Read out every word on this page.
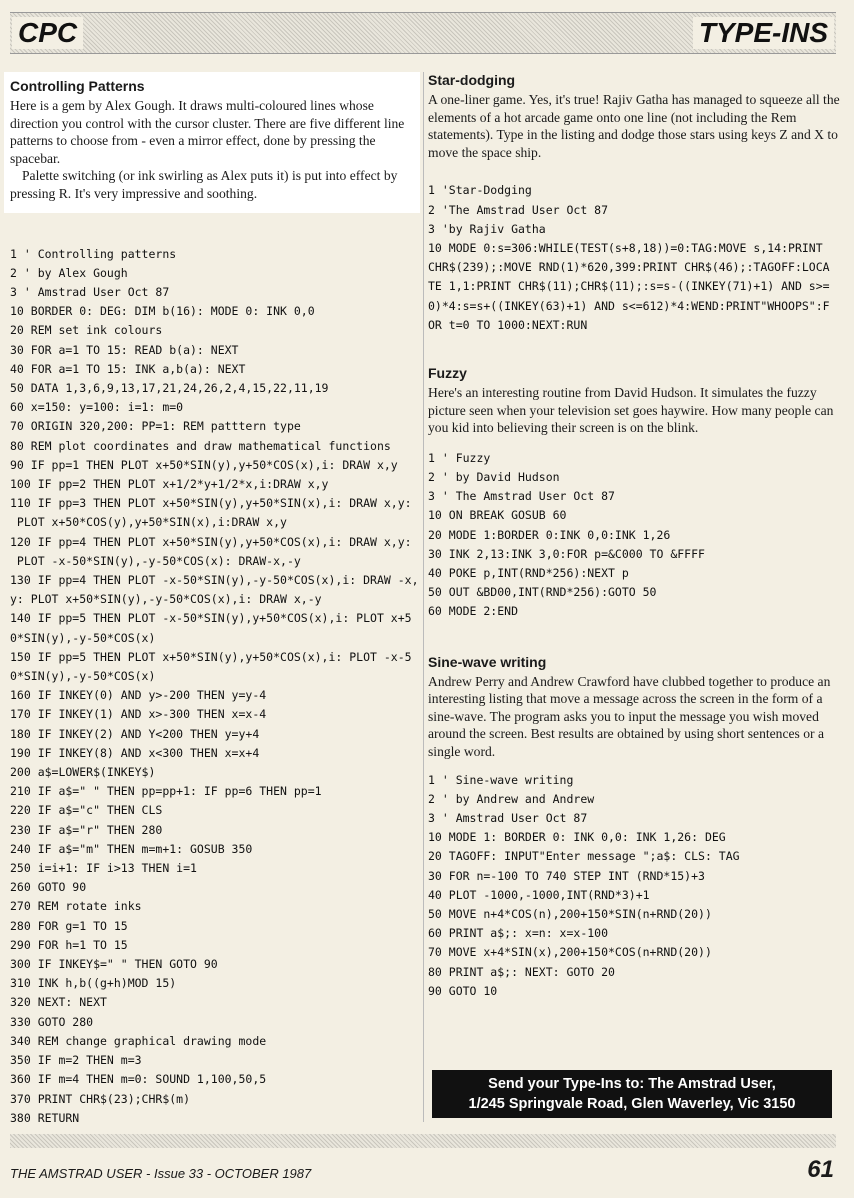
CPC	TYPE-INS
Controlling Patterns

Here is a gem by Alex Gough. It draws multi-coloured lines whose direction you control with the cursor cluster. There are five different line patterns to choose from - even a mirror effect, done by pressing the spacebar.

Palette switching (or ink swirling as Alex puts it) is put into effect by pressing R. It's very impressive and soothing.

1 ' Controlling patterns
2 ' by Alex Gough
3 ' Amstrad User Oct 87
10 BORDER 0: DEG: DIM b(16): MODE 0: INK 0,0
20 REM set ink colours
30 FOR a=1 TO 15: READ b(a): NEXT
40 FOR a=1 TO 15: INK a,b(a): NEXT
50 DATA 1,3,6,9,13,17,21,24,26,2,4,15,22,11,19
60 x=150: y=100: i=1: m=0
70 ORIGIN 320,200: PP=1: REM patttern type
80 REM plot coordinates and draw mathematical functions
90 IF pp=1 THEN PLOT x+50*SIN(y),y+50*COS(x),i: DRAW x,y
100 IF pp=2 THEN PLOT x+1/2*y+1/2*x,i:DRAW x,y
110 IF pp=3 THEN PLOT x+50*SIN(y),y+50*SIN(x),i: DRAW x,y:
PLOT x+50*COS(y),y+50*SIN(x),i:DRAW x,y
120 IF pp=4 THEN PLOT x+50*SIN(y),y+50*COS(x),i: DRAW x,y:
PLOT -x-50*SIN(y),-y-50*COS(x): DRAW-x,-y
130 IF pp=4 THEN PLOT -x-50*SIN(y),-y-50*COS(x),i: DRAW -x,
y: PLOT x+50*SIN(y),-y-50*COS(x),i: DRAW x,-y
140 IF pp=5 THEN PLOT -x-50*SIN(y),y+50*COS(x),i: PLOT x+5
0*SIN(y),-y-50*COS(x)
150 IF pp=5 THEN PLOT x+50*SIN(y),y+50*COS(x),i: PLOT -x-5
0*SIN(y),-y-50*COS(x)
160 IF INKEY(0) AND y>-200 THEN y=y-4
170 IF INKEY(1) AND x>-300 THEN x=x-4
180 IF INKEY(2) AND Y<200 THEN y=y+4
190 IF INKEY(8) AND x<300 THEN x=x+4
200 a$=LOWER$(INKEY$)
210 IF a$=" " THEN pp=pp+1: IF pp=6 THEN pp=1
220 IF a$="c" THEN CLS
230 IF a$="r" THEN 280
240 IF a$="m" THEN m=m+1: GOSUB 350
250 i=i+1: IF i>13 THEN i=1
260 GOTO 90
270 REM rotate inks
280 FOR g=1 TO 15
290 FOR h=1 TO 15
300 IF INKEY$=" " THEN GOTO 90
310 INK h,b((g+h)MOD 15)
320 NEXT: NEXT
330 GOTO 280
340 REM change graphical drawing mode
350 IF m=2 THEN m=3
360 IF m=4 THEN m=0: SOUND 1,100,50,5
370 PRINT CHR$(23);CHR$(m)
380 RETURN
Star-dodging

A one-liner game. Yes, it's true! Rajiv Gatha has managed to squeeze all the elements of a hot arcade game onto one line (not including the Rem statements). Type in the listing and dodge those stars using keys Z and X to move the space ship.

1 'Star-Dodging
2 'The Amstrad User Oct 87
3 'by Rajiv Gatha
10 MODE 0:s=306:WHILE(TEST(s+8,18))=0:TAG:MOVE s,14:PRINT
CHR$(239);:MOVE RND(1)*620,399:PRINT CHR$(46);:TAGOFF:LOCA
TE 1,1:PRINT CHR$(11);CHR$(11);:s=s-((INKEY(71)+1) AND s>=
0)*4:s=s+((INKEY(63)+1) AND s<=612)*4:WEND:PRINT"WHOOPS":F
OR t=0 TO 1000:NEXT:RUN
Fuzzy

Here's an interesting routine from David Hudson. It simulates the fuzzy picture seen when your television set goes haywire. How many people can you kid into believing their screen is on the blink.

1 ' Fuzzy
2 ' by David Hudson
3 ' The Amstrad User Oct 87
10 ON BREAK GOSUB 60
20 MODE 1:BORDER 0:INK 0,0:INK 1,26
30 INK 2,13:INK 3,0:FOR p=&C000 TO &FFFF
40 POKE p,INT(RND*256):NEXT p
50 OUT &BD00,INT(RND*256):GOTO 50
60 MODE 2:END
Sine-wave writing

Andrew Perry and Andrew Crawford have clubbed together to produce an interesting listing that move a message across the screen in the form of a sine-wave. The program asks you to input the message you wish moved around the screen. Best results are obtained by using short sentences or a single word.

1 ' Sine-wave writing
2 ' by Andrew and Andrew
3 ' Amstrad User Oct 87
10 MODE 1: BORDER 0: INK 0,0: INK 1,26: DEG
20 TAGOFF: INPUT"Enter message ";a$: CLS: TAG
30 FOR n=-100 TO 740 STEP INT (RND*15)+3
40 PLOT -1000,-1000,INT(RND*3)+1
50 MOVE n+4*COS(n),200+150*SIN(n+RND(20))
60 PRINT a$;: x=n: x=x-100
70 MOVE x+4*SIN(x),200+150*COS(n+RND(20))
80 PRINT a$;: NEXT: GOTO 20
90 GOTO 10
Send your Type-Ins to: The Amstrad User,
1/245 Springvale Road, Glen Waverley, Vic 3150
THE AMSTRAD USER - Issue 33 - OCTOBER 1987	61
